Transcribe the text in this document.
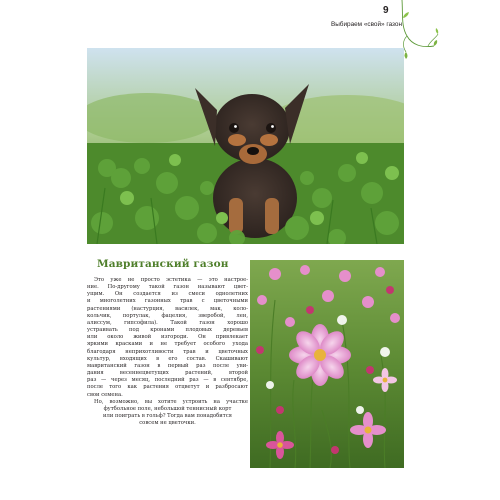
9
Выбираем «свой» газон
Мавританский газон

Это уже не просто эстетика — это настрое-
ние. По-другому такой газон называют цвет-
ущим. Он создается из смеси однолетних
и многолетних газонных трав с цветочными
растениями (настурция, василек, мак, коло-
кольчик, портулак, фацелия, зверобой, лен,
алиссум, гипсофила). Такой газон хорошо
устраивать под кронами плодовых деревьев
или около живой изгороди. Он привлекает
яркими красками и не требует особого ухода
благодаря неприхотливости трав и цветочных
культур, входящих в его состав. Скашивают
мавританский газон в первый раз после уви-
дания весеннецветущих растений, второй
раз — через месяц, последний раз — в сентябре,
после того как растения отцветут и разбросают
свои семена.

Но, возможно, вы хотите устроить на участке
футбольное поле, небольшой теннисный корт
или поиграть в гольф? Тогда вам понадобится
совсем не цветочки.
